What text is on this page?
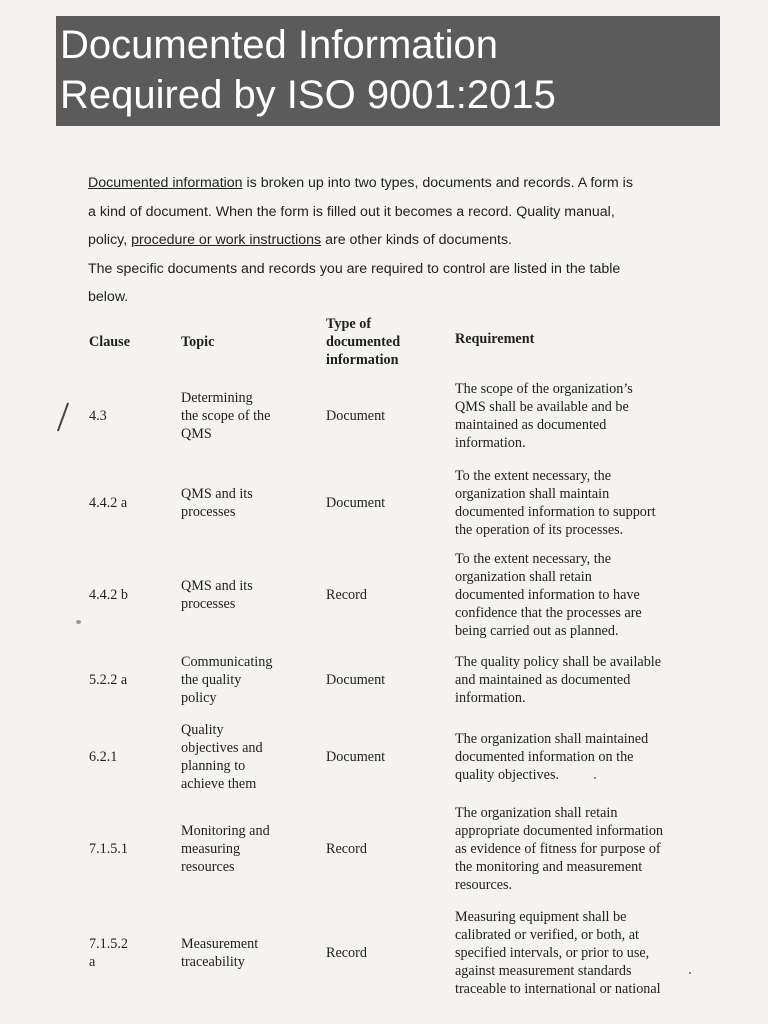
Documented Information
Required by ISO 9001:2015

Documented information is broken up into two types, documents and records. A form is

a kind of document. When the form is filled out it becomes a record. Quality manual,

policy, procedure or work instructions are other kinds of documents.

The specific documents and records you are required to control are listed in the table

below.

Clause	Topic
Type of
documented
information
Requirement
4.3
Determining
the scope of the
QMS
Document
The scope of the organization’s
QMS shall be available and be
maintained as documented
information.
4.4.2 a
QMS and its
processes
Document
To the extent necessary, the
organization shall maintain
documented information to support
the operation of its processes.
4.4.2 b
QMS and its
processes
Record
To the extent necessary, the
organization shall retain
documented information to have
confidence that the processes are
being carried out as planned.
5.2.2 a
Communicating
the quality
policy
Document
The quality policy shall be available
and maintained as documented
information.
6.2.1
Quality
objectives and
planning to
achieve them
Document
The organization shall maintained
documented information on the
quality objectives.
7.1.5.1
Monitoring and
measuring
resources
Record
The organization shall retain
appropriate documented information
as evidence of fitness for purpose of
the monitoring and measurement
resources.
7.1.5.2
a
Measurement
traceability
Record
Measuring equipment shall be
calibrated or verified, or both, at
specified intervals, or prior to use,
against measurement standards
traceable to international or national
